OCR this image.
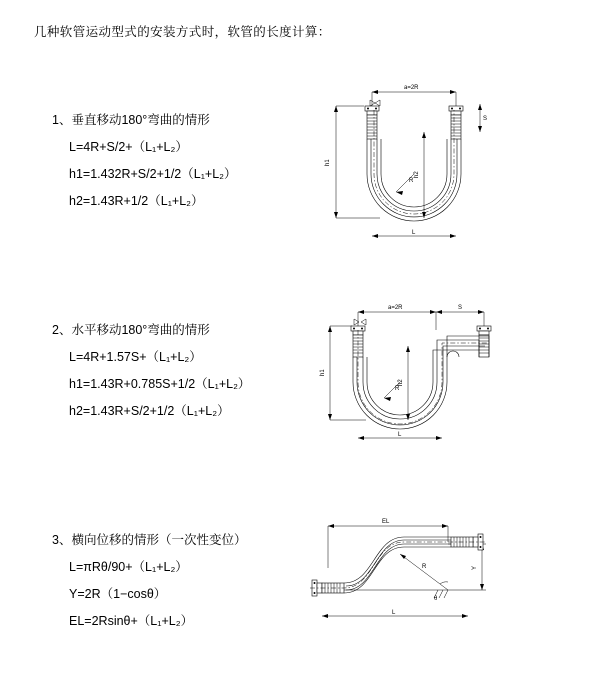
几种软管运动型式的安装方式时，软管的长度计算：
1、垂直移动180°弯曲的情形
L=4R+S/2+（L₁+L₂）
h1=1.432R+S/2+1/2（L₁+L₂）
h2=1.43R+1/2（L₁+L₂）
a=2R
S
h1
h2
R
L
2、水平移动180°弯曲的情形
L=4R+1.57S+（L₁+L₂）
h1=1.43R+0.785S+1/2（L₁+L₂）
h2=1.43R+S/2+1/2（L₁+L₂）
a=2R	S
h1
h2
R
L
3、横向位移的情形（一次性变位）
L=πRθ/90+（L₁+L₂）
Y=2R（1−cosθ）
EL=2Rsinθ+（L₁+L₂）
EL
Y
R
θ
L
